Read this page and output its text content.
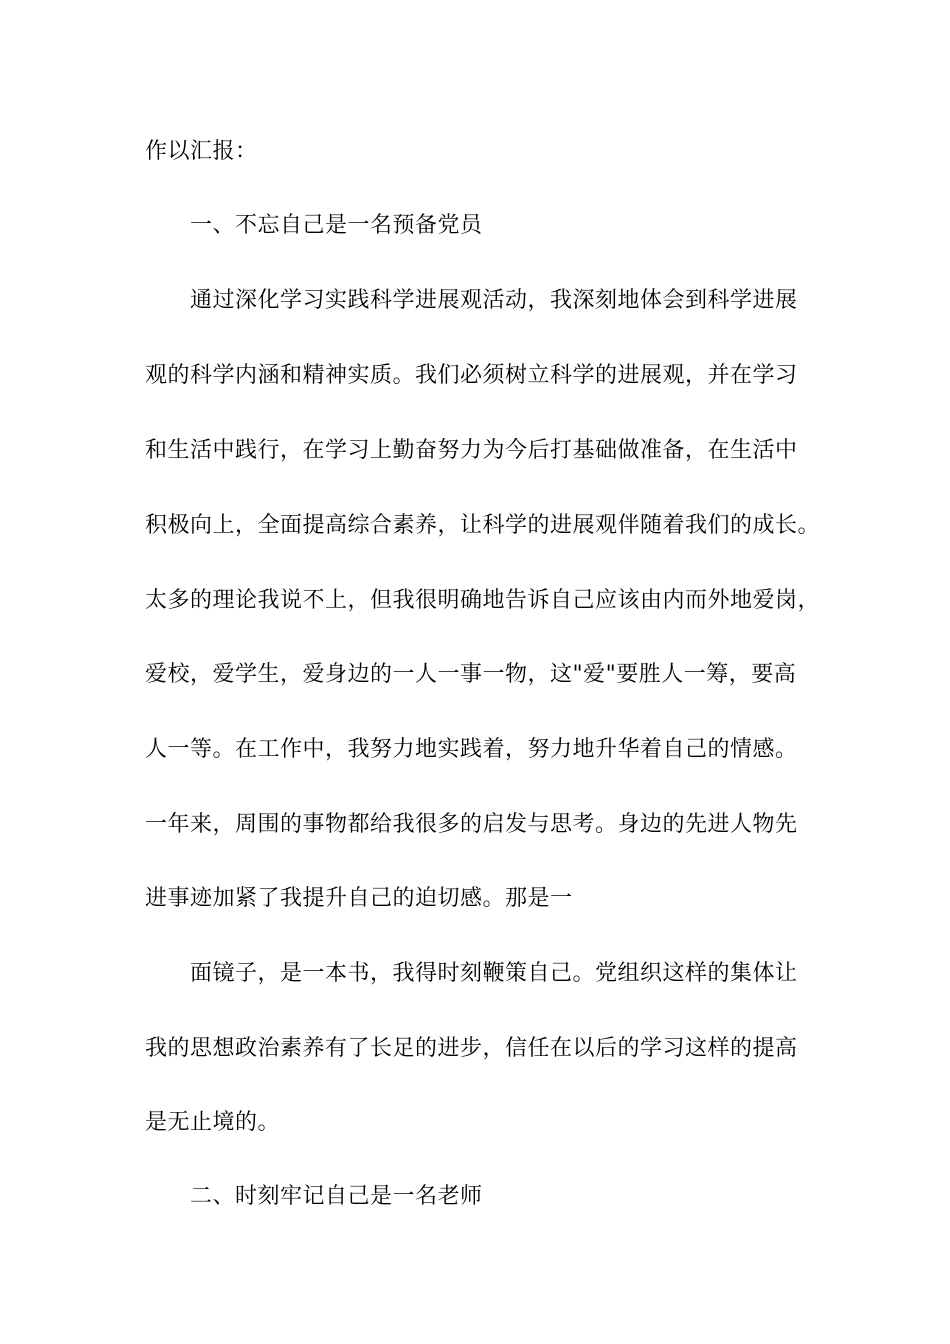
作以汇报：
一、不忘自己是一名预备党员
通过深化学习实践科学进展观活动，我深刻地体会到科学进展
观的科学内涵和精神实质。我们必须树立科学的进展观，并在学习
和生活中践行，在学习上勤奋努力为今后打基础做准备，在生活中
积极向上，全面提高综合素养，让科学的进展观伴随着我们的成长。
太多的理论我说不上，但我很明确地告诉自己应该由内而外地爱岗，
爱校，爱学生，爱身边的一人一事一物，这"爱"要胜人一筹，要高
人一等。在工作中，我努力地实践着，努力地升华着自己的情感。
一年来，周围的事物都给我很多的启发与思考。身边的先进人物先
进事迹加紧了我提升自己的迫切感。那是一
面镜子，是一本书，我得时刻鞭策自己。党组织这样的集体让
我的思想政治素养有了长足的进步，信任在以后的学习这样的提高
是无止境的。
二、时刻牢记自己是一名老师
